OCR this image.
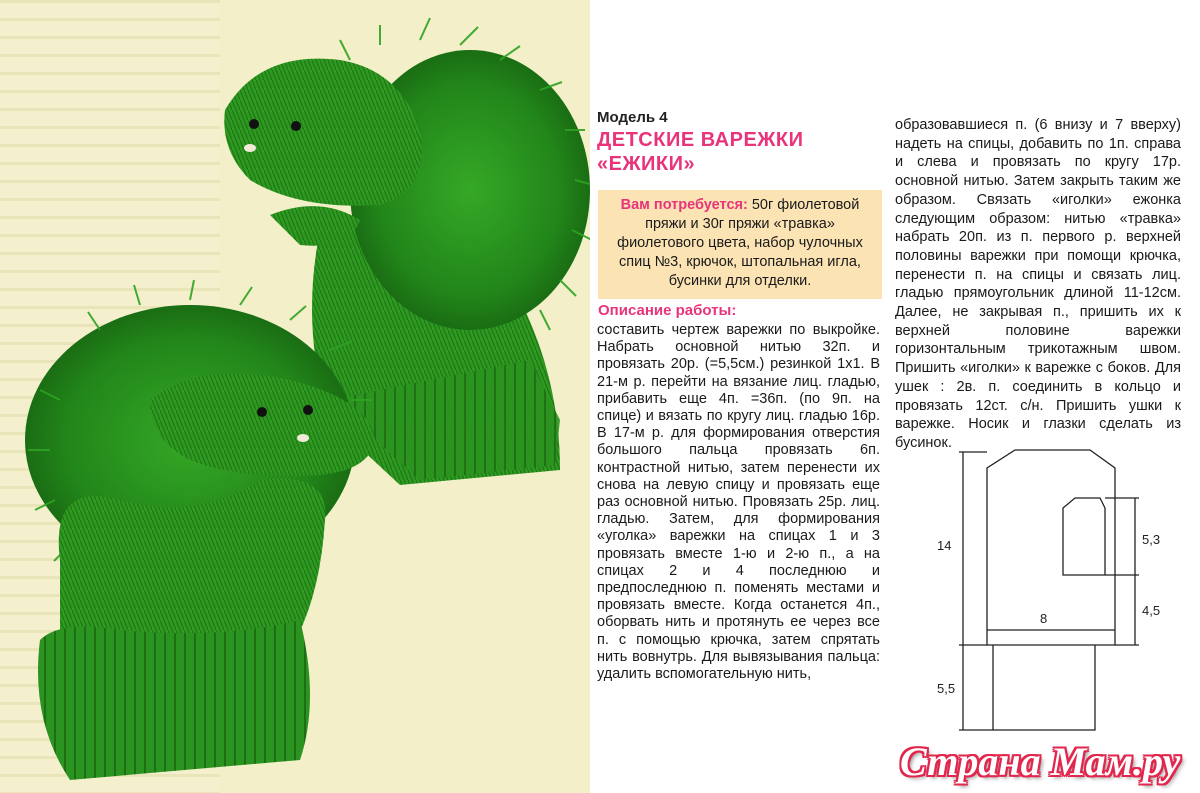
Модель 4
ДЕТСКИЕ ВАРЕЖКИ
«ЕЖИКИ»
Вам потребуется: 50г фиолетовой пряжи и 30г пряжи «травка» фиолетового цвета, набор чулочных спиц №3, крючок, штопальная игла, бусинки для отделки.
Описание работы:
составить чертеж варежки по выкройке. Набрать основной нитью 32п. и провязать 20р. (=5,5см.) резинкой 1х1. В 21-м р. перейти на вязание лиц. гладью, прибавить еще 4п. =36п. (по 9п. на спице) и вязать по кругу лиц. гладью 16р. В 17-м р. для формирования отверстия большого пальца провязать 6п. контрастной нитью, затем перенести их снова на левую спицу и провязать еще раз основной нитью. Провязать 25р. лиц. гладью. Затем, для формирования «уголка» варежки на спицах 1 и 3 провязать вместе 1-ю и 2-ю п., а на спицах 2 и 4 последнюю и предпоследнюю п. поменять местами и провязать вместе. Когда останется 4п., оборвать нить и протянуть ее через все п. с помощью крючка, затем спрятать нить вовнутрь. Для вывязывания пальца: удалить вспомогательную нить,
образовавшиеся п. (6 внизу и 7 вверху) надеть на спицы, добавить по 1п. справа и слева и провязать по кругу 17р. основной нитью. Затем закрыть таким же образом. Связать «иголки» ежонка следующим образом: нитью «травка» набрать 20п. из п. первого р. верхней половины варежки при помощи крючка, перенести п. на спицы и связать лиц. гладью прямоугольник длиной 11-12см. Далее, не закрывая п., пришить их к верхней половине варежки горизонтальным трикотажным швом. Пришить «иголки» к варежке с боков. Для ушек : 2в. п. соединить в кольцо и провязать 12ст. с/н. Пришить ушки к варежке. Носик и глазки сделать из бусинок.
14	5,3
4,5
8
5,5
Страна Мам.ру
